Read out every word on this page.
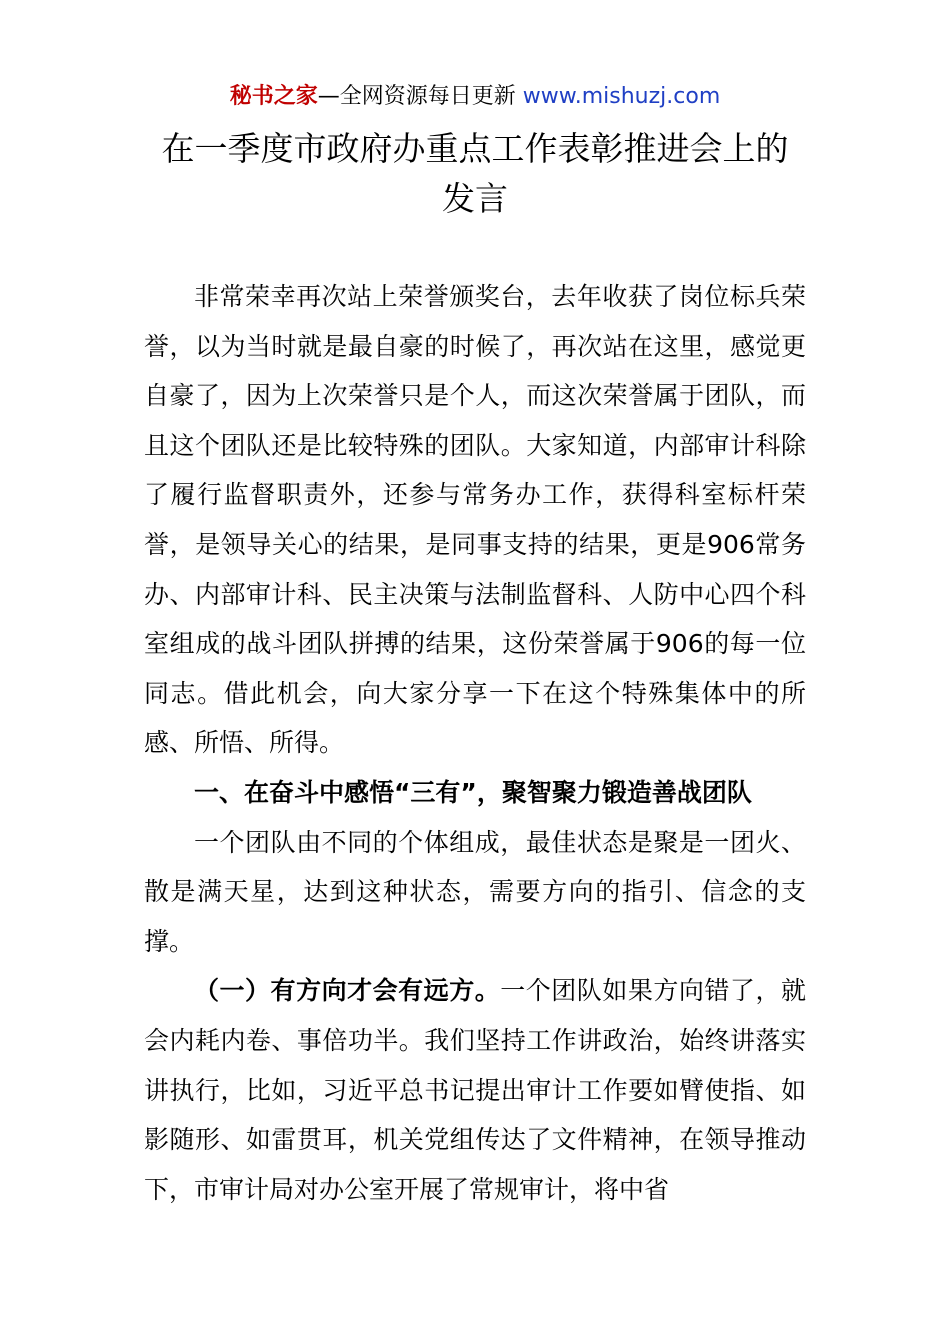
秘书之家—全网资源每日更新 www.mishuzj.com
在一季度市政府办重点工作表彰推进会上的发言

非常荣幸再次站上荣誉颁奖台，去年收获了岗位标兵荣誉，以为当时就是最自豪的时候了，再次站在这里，感觉更自豪了，因为上次荣誉只是个人，而这次荣誉属于团队，而且这个团队还是比较特殊的团队。大家知道，内部审计科除了履行监督职责外，还参与常务办工作，获得科室标杆荣誉，是领导关心的结果，是同事支持的结果，更是906常务办、内部审计科、民主决策与法制监督科、人防中心四个科室组成的战斗团队拼搏的结果，这份荣誉属于906的每一位同志。借此机会，向大家分享一下在这个特殊集体中的所感、所悟、所得。

一、在奋斗中感悟“三有”，聚智聚力锻造善战团队

一个团队由不同的个体组成，最佳状态是聚是一团火、散是满天星，达到这种状态，需要方向的指引、信念的支撑。

（一）有方向才会有远方。一个团队如果方向错了，就会内耗内卷、事倍功半。我们坚持工作讲政治，始终讲落实讲执行，比如，习近平总书记提出审计工作要如臂使指、如影随形、如雷贯耳，机关党组传达了文件精神，在领导推动下，市审计局对办公室开展了常规审计，将中省
